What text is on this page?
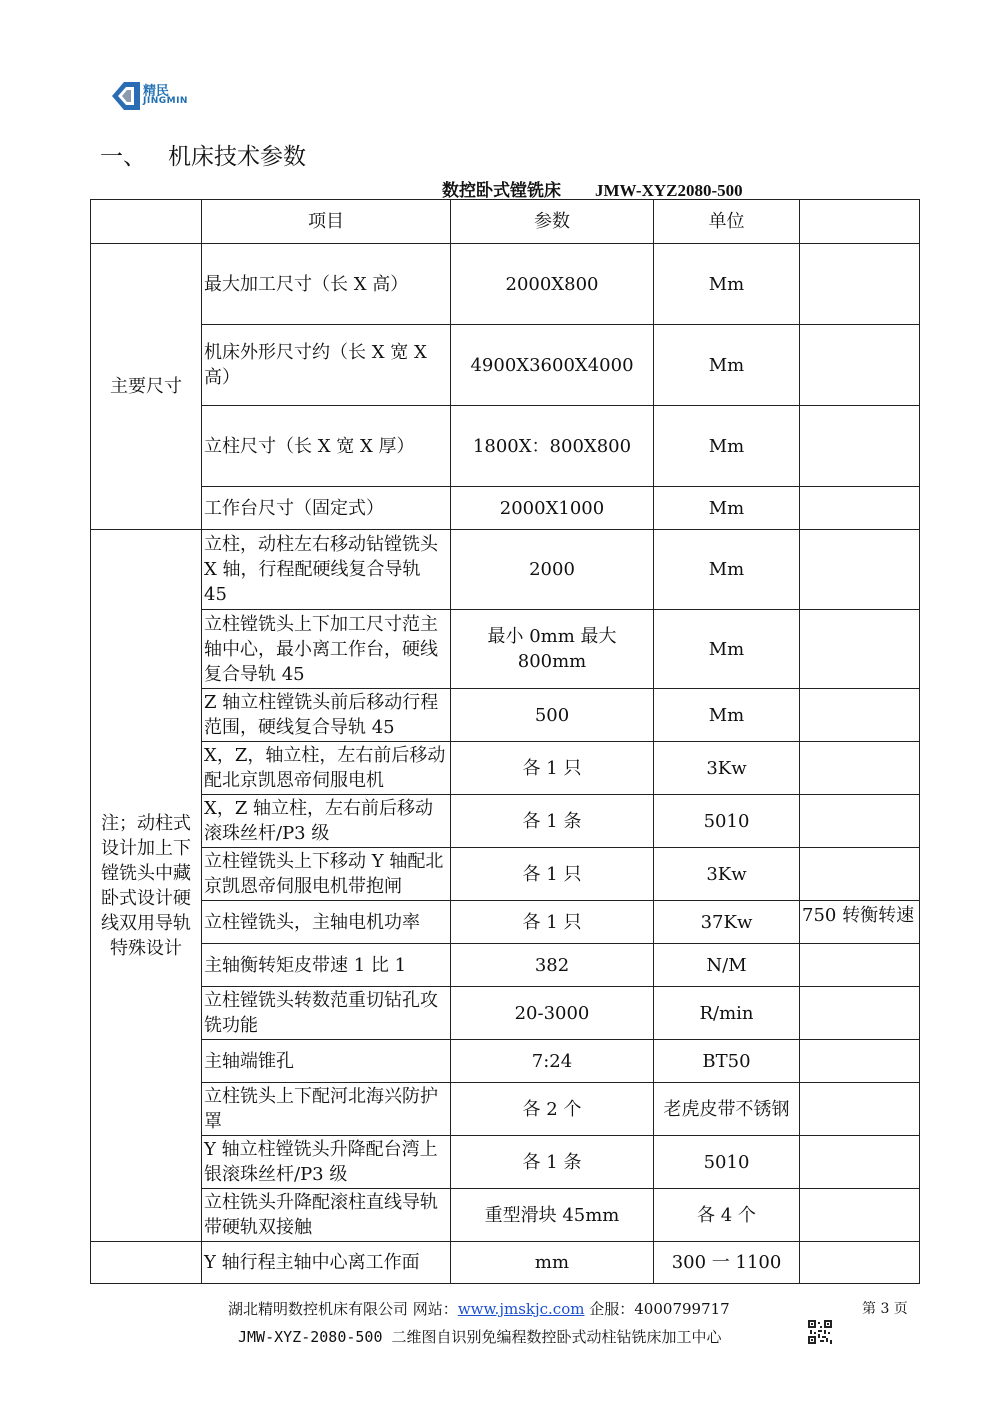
精民
JINGMIN
一、 机床技术参数
数控卧式镗铣床 JMW-XYZ2080-500
	项目	参数	单位	
主要尺寸	最大加工尺寸（长 X 高）	2000X800	Mm	
	机床外形尺寸约（长 X 宽 X 高）	4900X3600X4000	Mm	
	立柱尺寸（长 X 宽 X 厚）	1800X：800X800	Mm	
	工作台尺寸（固定式）	2000X1000	Mm	
注；动柱式设计加上下镗铣头中藏卧式设计硬线双用导轨特殊设计	立柱，动柱左右移动钻镗铣头 X 轴，行程配硬线复合导轨 45	2000	Mm	
	立柱镗铣头上下加工尺寸范主轴中心，最小离工作台，硬线复合导轨 45	最小 0mm 最大 800mm	Mm	
	Z 轴立柱镗铣头前后移动行程范围，硬线复合导轨 45	500	Mm	
	X，Z，轴立柱，左右前后移动配北京凯恩帝伺服电机	各 1 只	3Kw	
	X，Z 轴立柱，左右前后移动滚珠丝杆/P3 级	各 1 条	5010	
	立柱镗铣头上下移动 Y 轴配北京凯恩帝伺服电机带抱闸	各 1 只	3Kw	
	立柱镗铣头，主轴电机功率	各 1 只	37Kw	750 转衡转速
	主轴衡转矩皮带速 1 比 1	382	N/M	
	立柱镗铣头转数范重切钻孔攻铣功能	20-3000	R/min	
	主轴端锥孔	7:24	BT50	
	立柱铣头上下配河北海兴防护罩	各 2 个	老虎皮带不锈钢	
	Y 轴立柱镗铣头升降配台湾上银滚珠丝杆/P3 级	各 1 条	5010	
	立柱铣头升降配滚柱直线导轨带硬轨双接触	重型滑块 45mm	各 4 个	
	Y 轴行程主轴中心离工作面	mm	300 一 1100	
湖北精明数控机床有限公司 网站：www.jmskjc.com 企服：4000799717	第 3 页
JMW-XYZ-2080-500 二维图自识别免编程数控卧式动柱钻铣床加工中心
